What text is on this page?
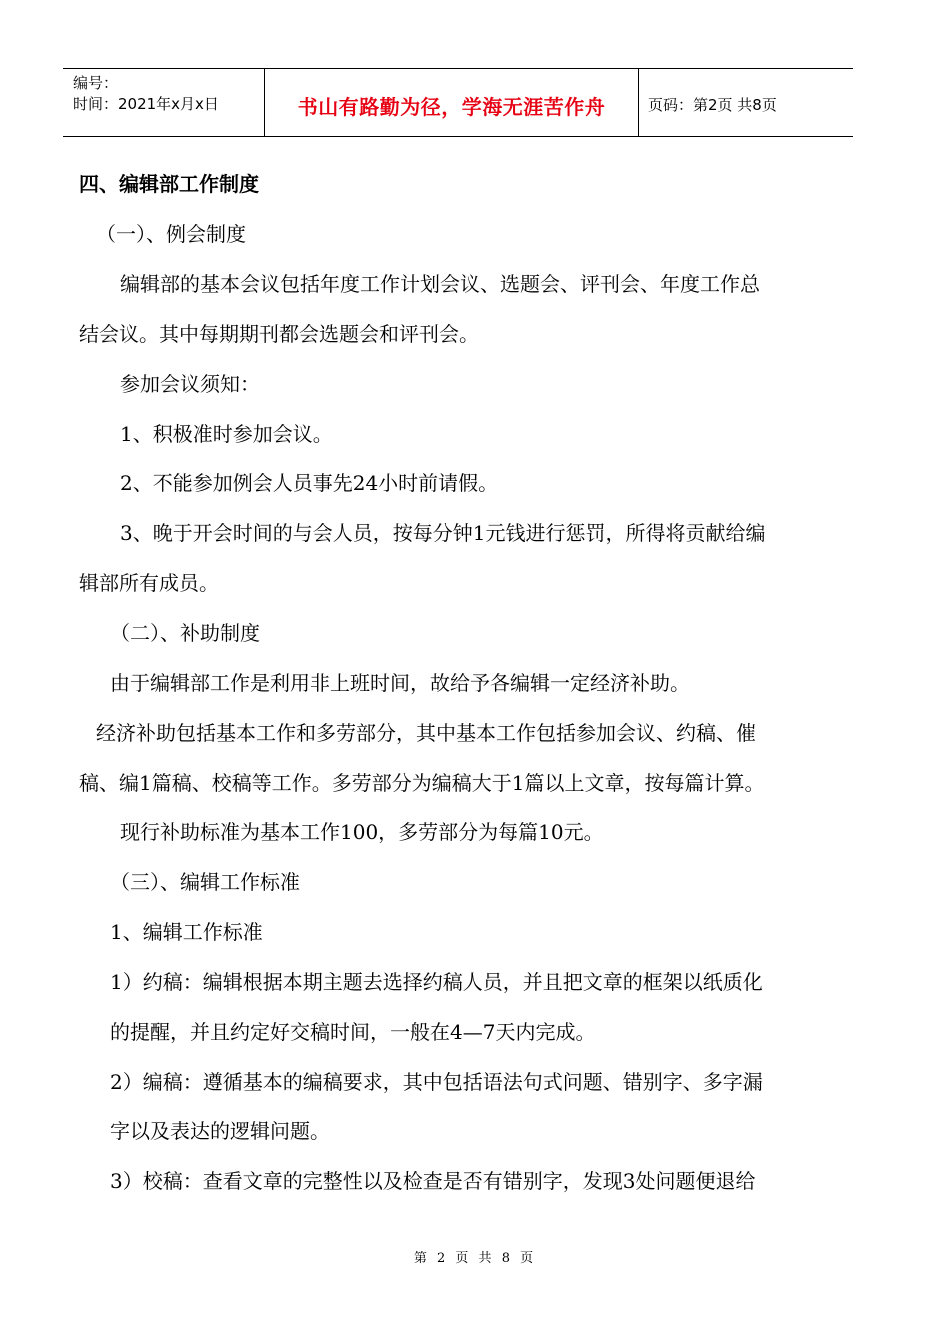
编号：
时间：2021年x月x日	书山有路勤为径，学海无涯苦作舟	页码：第2页 共8页
四、编辑部工作制度
（一）、例会制度
编辑部的基本会议包括年度工作计划会议、选题会、评刊会、年度工作总
结会议。其中每期期刊都会选题会和评刊会。
参加会议须知：
1、积极准时参加会议。
2、不能参加例会人员事先24小时前请假。
3、晚于开会时间的与会人员，按每分钟1元钱进行惩罚，所得将贡献给编
辑部所有成员。
（二）、补助制度
由于编辑部工作是利用非上班时间，故给予各编辑一定经济补助。
经济补助包括基本工作和多劳部分，其中基本工作包括参加会议、约稿、催
稿、编1篇稿、校稿等工作。多劳部分为编稿大于1篇以上文章，按每篇计算。
现行补助标准为基本工作100，多劳部分为每篇10元。
（三）、编辑工作标准
1、编辑工作标准
1）约稿：编辑根据本期主题去选择约稿人员，并且把文章的框架以纸质化
的提醒，并且约定好交稿时间，一般在4—7天内完成。
2）编稿：遵循基本的编稿要求，其中包括语法句式问题、错别字、多字漏
字以及表达的逻辑问题。
3）校稿：查看文章的完整性以及检查是否有错别字，发现3处问题便退给
第 2 页 共 8 页
